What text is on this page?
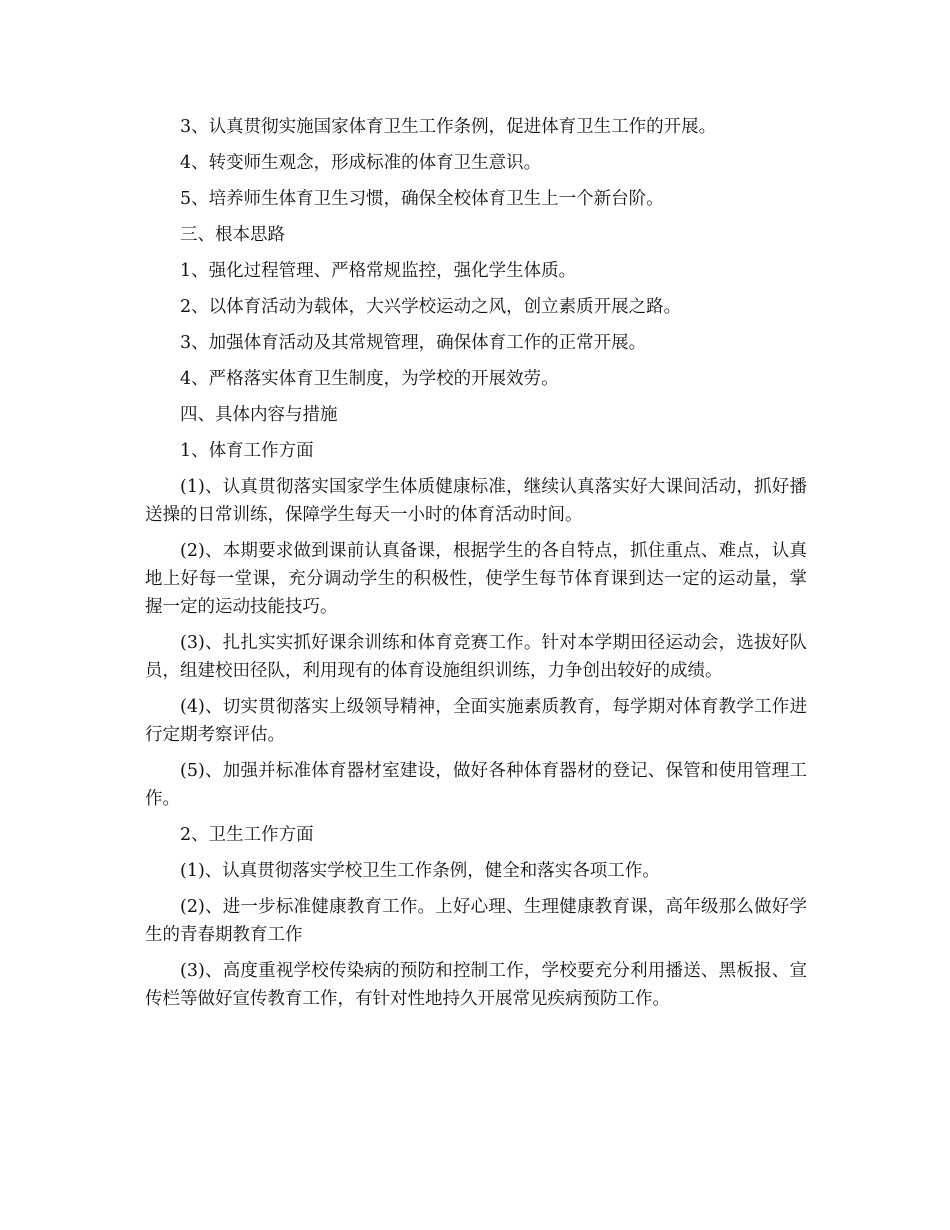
3、认真贯彻实施国家体育卫生工作条例，促进体育卫生工作的开展。

4、转变师生观念，形成标准的体育卫生意识。

5、培养师生体育卫生习惯，确保全校体育卫生上一个新台阶。

三、根本思路

1、强化过程管理、严格常规监控，强化学生体质。

2、以体育活动为载体，大兴学校运动之风，创立素质开展之路。

3、加强体育活动及其常规管理，确保体育工作的正常开展。

4、严格落实体育卫生制度，为学校的开展效劳。

四、具体内容与措施

1、体育工作方面

(1)、认真贯彻落实国家学生体质健康标准，继续认真落实好大课间活动，抓好播送操的日常训练，保障学生每天一小时的体育活动时间。

(2)、本期要求做到课前认真备课，根据学生的各自特点，抓住重点、难点，认真地上好每一堂课，充分调动学生的积极性，使学生每节体育课到达一定的运动量，掌握一定的运动技能技巧。

(3)、扎扎实实抓好课余训练和体育竞赛工作。针对本学期田径运动会，选拔好队员，组建校田径队，利用现有的体育设施组织训练，力争创出较好的成绩。

(4)、切实贯彻落实上级领导精神，全面实施素质教育，每学期对体育教学工作进行定期考察评估。

(5)、加强并标准体育器材室建设，做好各种体育器材的登记、保管和使用管理工作。

2、卫生工作方面

(1)、认真贯彻落实学校卫生工作条例，健全和落实各项工作。

(2)、进一步标准健康教育工作。上好心理、生理健康教育课，高年级那么做好学生的青春期教育工作

(3)、高度重视学校传染病的预防和控制工作，学校要充分利用播送、黑板报、宣传栏等做好宣传教育工作，有针对性地持久开展常见疾病预防工作。
